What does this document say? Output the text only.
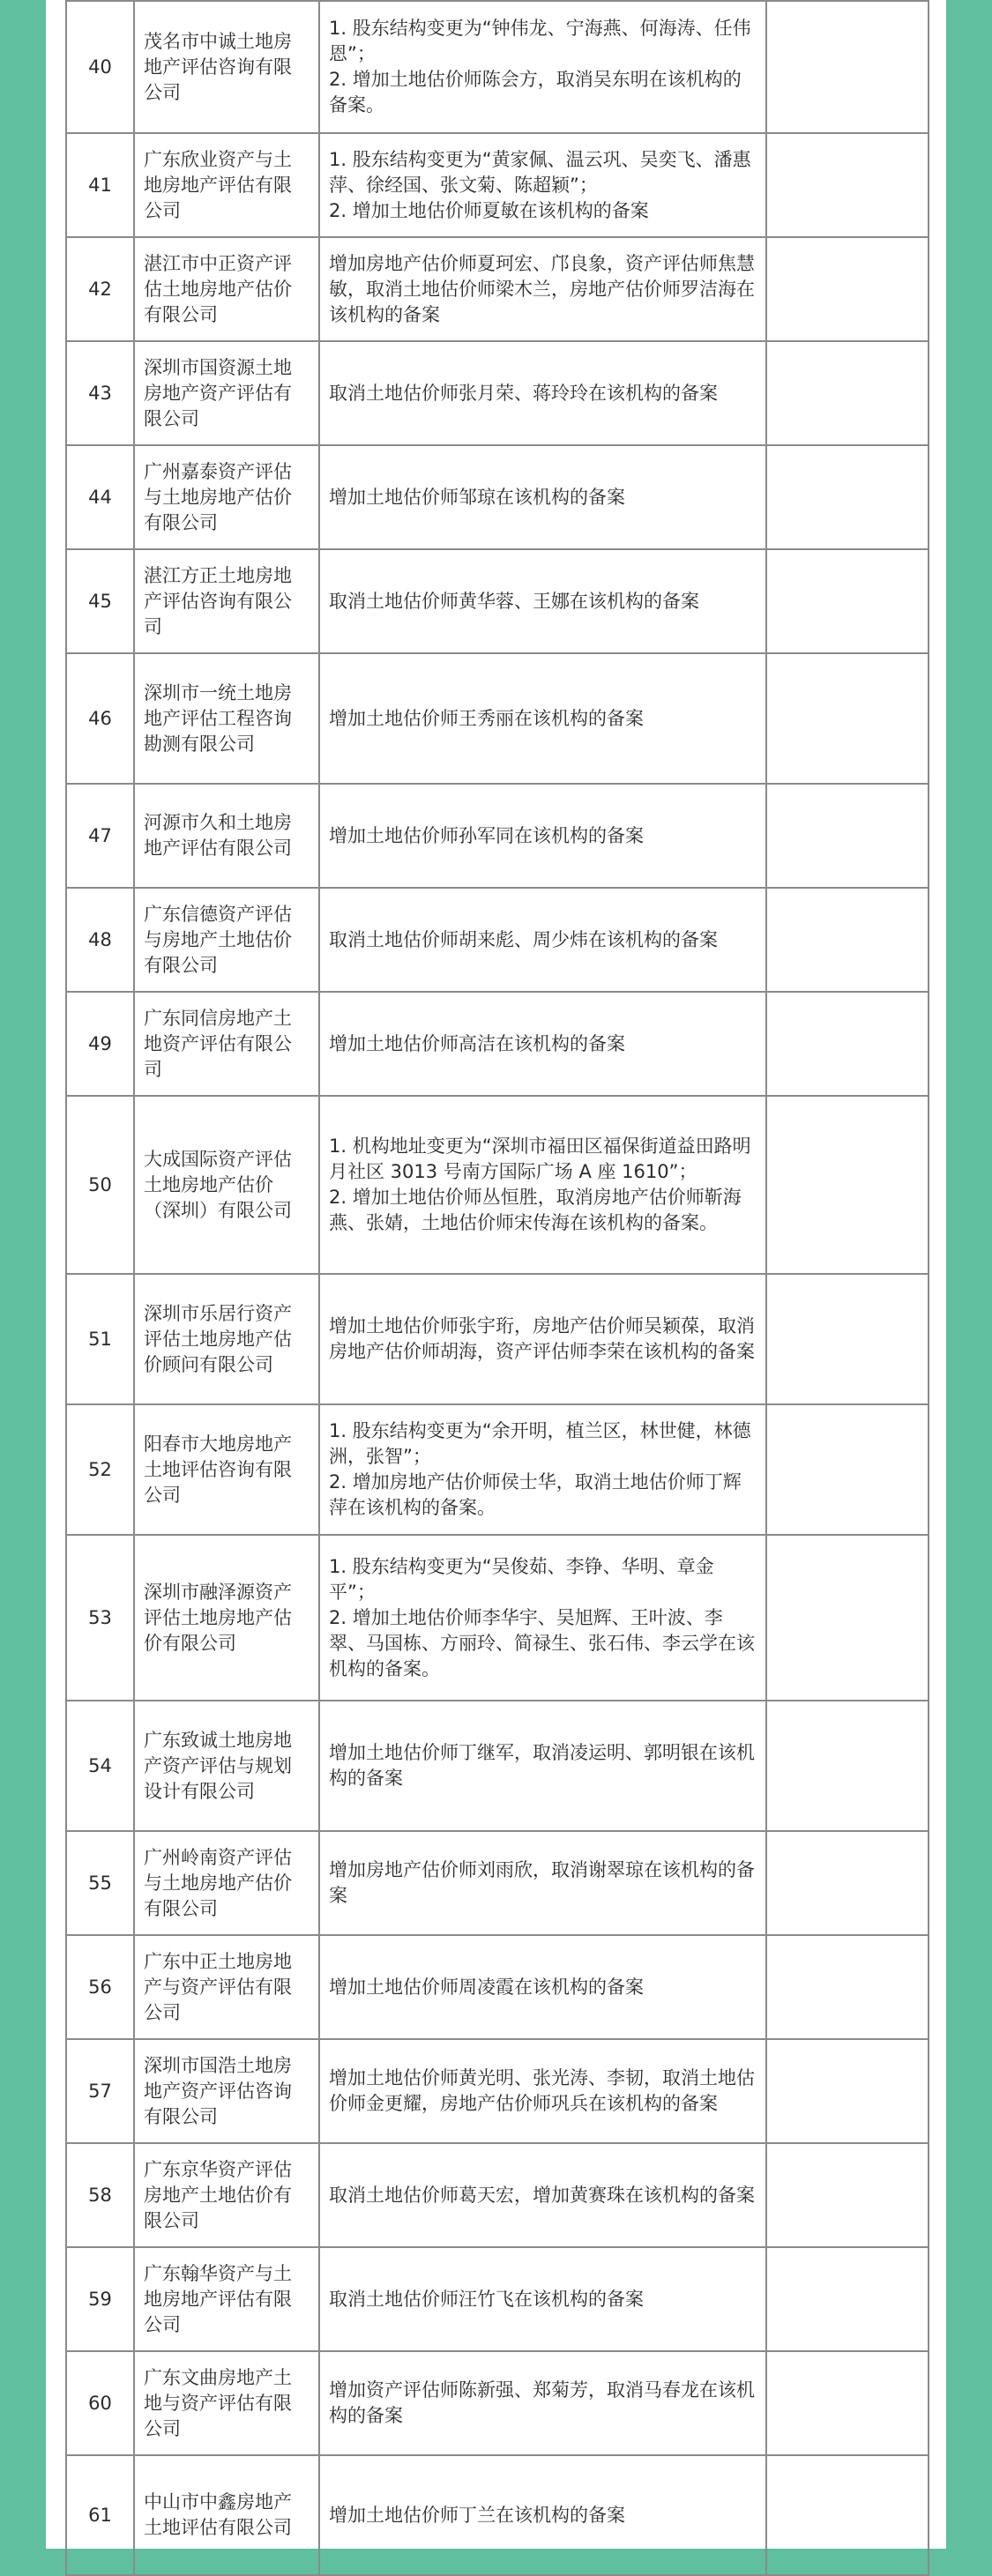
40	茂名市中诚土地房地产评估咨询有限公司	1. 股东结构变更为“钟伟龙、宁海燕、何海涛、任伟恩”；
2. 增加土地估价师陈会方，取消吴东明在该机构的备案。	

41	广东欣业资产与土地房地产评估有限公司	1. 股东结构变更为“黄家佩、温云巩、吴奕飞、潘惠萍、徐经国、张文菊、陈超颖”；
2. 增加土地估价师夏敏在该机构的备案	

42	湛江市中正资产评估土地房地产估价有限公司	增加房地产估价师夏珂宏、邝良象，资产评估师焦慧敏，取消土地估价师梁木兰，房地产估价师罗洁海在该机构的备案	

43	深圳市国资源土地房地产资产评估有限公司	取消土地估价师张月荣、蒋玲玲在该机构的备案	

44	广州嘉泰资产评估与土地房地产估价有限公司	增加土地估价师邹琼在该机构的备案	

45	湛江方正土地房地产评估咨询有限公司	取消土地估价师黄华蓉、王娜在该机构的备案	

46	深圳市一统土地房地产评估工程咨询勘测有限公司	增加土地估价师王秀丽在该机构的备案	

47	河源市久和土地房地产评估有限公司	增加土地估价师孙军同在该机构的备案	

48	广东信德资产评估与房地产土地估价有限公司	取消土地估价师胡来彪、周少炜在该机构的备案	

49	广东同信房地产土地资产评估有限公司	增加土地估价师高洁在该机构的备案	

50	大成国际资产评估土地房地产估价（深圳）有限公司	1. 机构地址变更为“深圳市福田区福保街道益田路明月社区 3013 号南方国际广场 A 座 1610”；
2. 增加土地估价师丛恒胜，取消房地产估价师靳海燕、张婧，土地估价师宋传海在该机构的备案。	

51	深圳市乐居行资产评估土地房地产估价顾问有限公司	增加土地估价师张宇珩，房地产估价师吴颖葆，取消房地产估价师胡海，资产评估师李荣在该机构的备案	

52	阳春市大地房地产土地评估咨询有限公司	1. 股东结构变更为“余开明，植兰区，林世健，林德洲，张智”；
2. 增加房地产估价师侯士华，取消土地估价师丁辉萍在该机构的备案。	

53	深圳市融泽源资产评估土地房地产估价有限公司	1. 股东结构变更为“吴俊茹、李铮、华明、章金平”；
2. 增加土地估价师李华宇、吴旭辉、王叶波、李翠、马国栋、方丽玲、简禄生、张石伟、李云学在该机构的备案。	

54	广东致诚土地房地产资产评估与规划设计有限公司	增加土地估价师丁继军，取消凌运明、郭明银在该机构的备案	

55	广州岭南资产评估与土地房地产估价有限公司	增加房地产估价师刘雨欣，取消谢翠琼在该机构的备案	

56	广东中正土地房地产与资产评估有限公司	增加土地估价师周凌霞在该机构的备案	

57	深圳市国浩土地房地产资产评估咨询有限公司	增加土地估价师黄光明、张光涛、李韧，取消土地估价师金更耀，房地产估价师巩兵在该机构的备案	

58	广东京华资产评估房地产土地估价有限公司	取消土地估价师葛天宏，增加黄赛珠在该机构的备案	

59	广东翰华资产与土地房地产评估有限公司	取消土地估价师汪竹飞在该机构的备案	

60	广东文曲房地产土地与资产评估有限公司	增加资产评估师陈新强、郑菊芳，取消马春龙在该机构的备案	

61	中山市中鑫房地产土地评估有限公司	增加土地估价师丁兰在该机构的备案	
